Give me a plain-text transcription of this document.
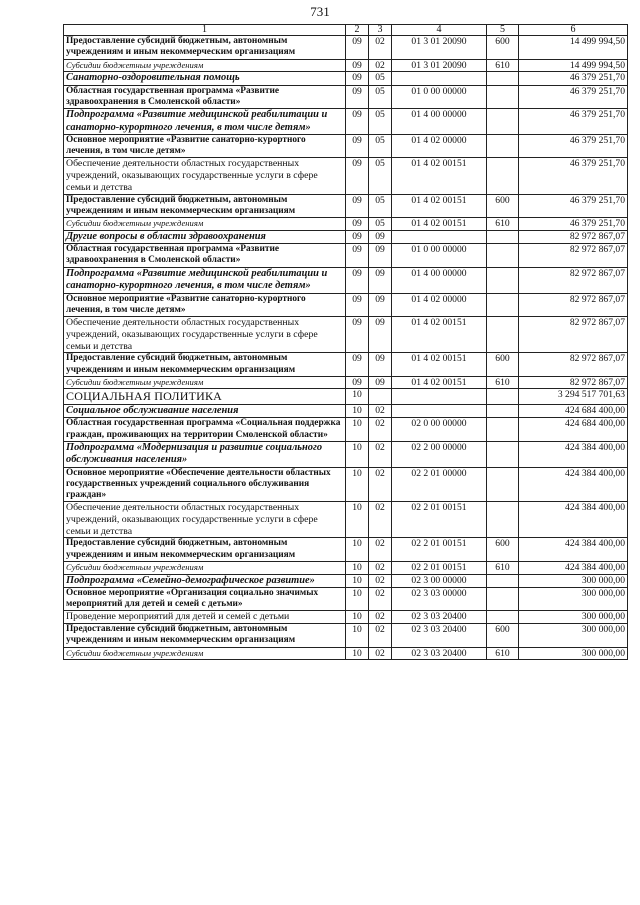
731
1	2	3	4	5	6
Предоставление субсидий бюджетным, автономным учреждениям и иным некоммерческим организациям	09	02	01 3 01 20090	600	14 499 994,50
Субсидии бюджетным учреждениям	09	02	01 3 01 20090	610	14 499 994,50
Санаторно-оздоровительная помощь	09	05			46 379 251,70
Областная государственная программа «Развитие здравоохранения в Смоленской области»	09	05	01 0 00 00000		46 379 251,70
Подпрограмма «Развитие медицинской реабилитации и санаторно-курортного лечения, в том числе детям»	09	05	01 4 00 00000		46 379 251,70
Основное мероприятие «Развитие санаторно-курортного лечения, в том числе детям»	09	05	01 4 02 00000		46 379 251,70
Обеспечение деятельности областных государственных учреждений, оказывающих государственные услуги в сфере семьи и детства	09	05	01 4 02 00151		46 379 251,70
Предоставление субсидий бюджетным, автономным учреждениям и иным некоммерческим организациям	09	05	01 4 02 00151	600	46 379 251,70
Субсидии бюджетным учреждениям	09	05	01 4 02 00151	610	46 379 251,70
Другие вопросы в области здравоохранения	09	09			82 972 867,07
Областная государственная программа «Развитие здравоохранения в Смоленской области»	09	09	01 0 00 00000		82 972 867,07
Подпрограмма «Развитие медицинской реабилитации и санаторно-курортного лечения, в том числе детям»	09	09	01 4 00 00000		82 972 867,07
Основное мероприятие «Развитие санаторно-курортного лечения, в том числе детям»	09	09	01 4 02 00000		82 972 867,07
Обеспечение деятельности областных государственных учреждений, оказывающих государственные услуги в сфере семьи и детства	09	09	01 4 02 00151		82 972 867,07
Предоставление субсидий бюджетным, автономным учреждениям и иным некоммерческим организациям	09	09	01 4 02 00151	600	82 972 867,07
Субсидии бюджетным учреждениям	09	09	01 4 02 00151	610	82 972 867,07
СОЦИАЛЬНАЯ ПОЛИТИКА	10				3 294 517 701,63
Социальное обслуживание населения	10	02			424 684 400,00
Областная государственная программа «Социальная поддержка граждан, проживающих на территории Смоленской области»	10	02	02 0 00 00000		424 684 400,00
Подпрограмма «Модернизация и развитие социального обслуживания населения»	10	02	02 2 00 00000		424 384 400,00
Основное мероприятие «Обеспечение деятельности областных государственных учреждений социального обслуживания граждан»	10	02	02 2 01 00000		424 384 400,00
Обеспечение деятельности областных государственных учреждений, оказывающих государственные услуги в сфере семьи и детства	10	02	02 2 01 00151		424 384 400,00
Предоставление субсидий бюджетным, автономным учреждениям и иным некоммерческим организациям	10	02	02 2 01 00151	600	424 384 400,00
Субсидии бюджетным учреждениям	10	02	02 2 01 00151	610	424 384 400,00
Подпрограмма «Семейно-демографическое развитие»	10	02	02 3 00 00000		300 000,00
Основное мероприятие «Организация социально значимых мероприятий для детей и семей с детьми»	10	02	02 3 03 00000		300 000,00
Проведение мероприятий для детей и семей с детьми	10	02	02 3 03 20400		300 000,00
Предоставление субсидий бюджетным, автономным учреждениям и иным некоммерческим организациям	10	02	02 3 03 20400	600	300 000,00
Субсидии бюджетным учреждениям	10	02	02 3 03 20400	610	300 000,00
